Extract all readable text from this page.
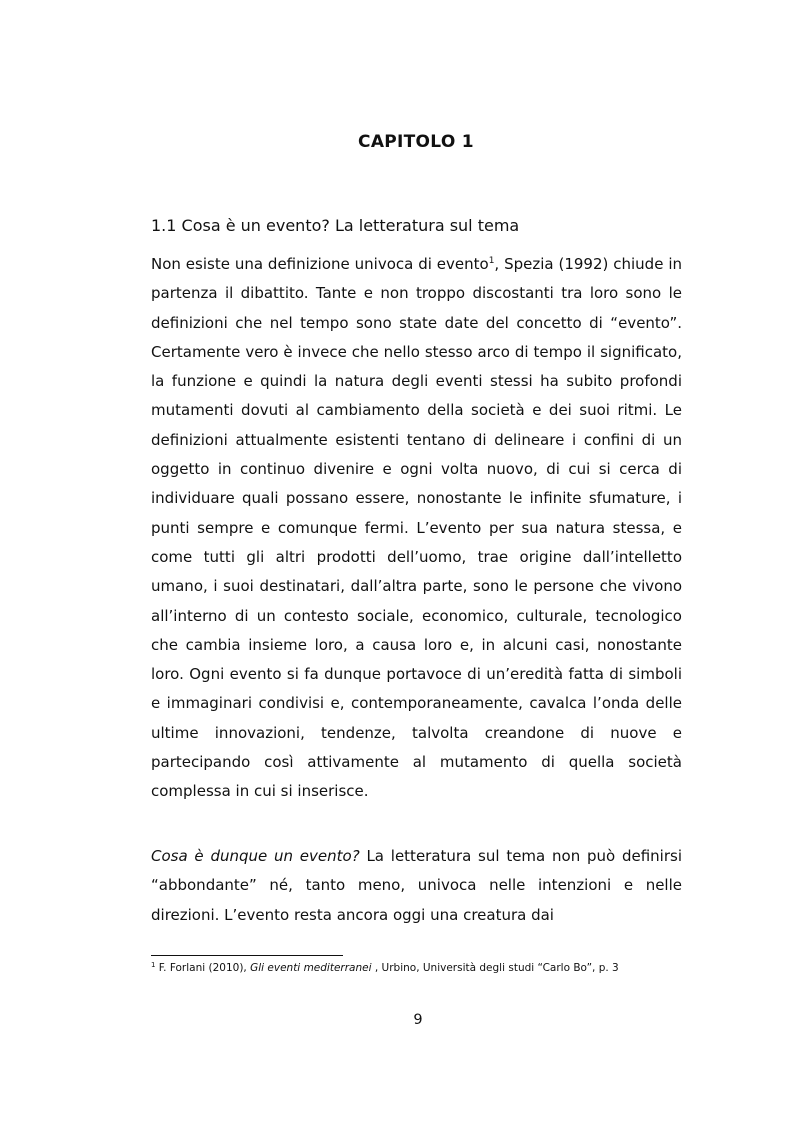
CAPITOLO 1
1.1 Cosa è un evento? La letteratura sul tema

Non esiste una definizione univoca di evento$^1$, Spezia (1992) chiude in partenza il dibattito. Tante e non troppo discostanti tra loro sono le definizioni che nel tempo sono state date del concetto di “evento”. Certamente vero è invece che nello stesso arco di tempo il significato, la funzione e quindi la natura degli eventi stessi ha subito profondi mutamenti dovuti al cambiamento della società e dei suoi ritmi. Le definizioni attualmente esistenti tentano di delineare i confini di un oggetto in continuo divenire e ogni volta nuovo, di cui si cerca di individuare quali possano essere, nonostante le infinite sfumature, i punti sempre e comunque fermi. L’evento per sua natura stessa, e come tutti gli altri prodotti dell’uomo, trae origine dall’intelletto umano, i suoi destinatari, dall’altra parte, sono le persone che vivono all’interno di un contesto sociale, economico, culturale, tecnologico che cambia insieme loro, a causa loro e, in alcuni casi, nonostante loro. Ogni evento si fa dunque portavoce di un’eredità fatta di simboli e immaginari condivisi e, contemporaneamente, cavalca l’onda delle ultime innovazioni, tendenze, talvolta creandone di nuove e partecipando così attivamente al mutamento di quella società complessa in cui si inserisce.

Cosa è dunque un evento? La letteratura sul tema non può definirsi “abbondante” né, tanto meno, univoca nelle intenzioni e nelle direzioni. L’evento resta ancora oggi una creatura dai

$^1$ F. Forlani (2010), Gli eventi mediterranei , Urbino, Università degli studi “Carlo Bo”, p. 3

9
